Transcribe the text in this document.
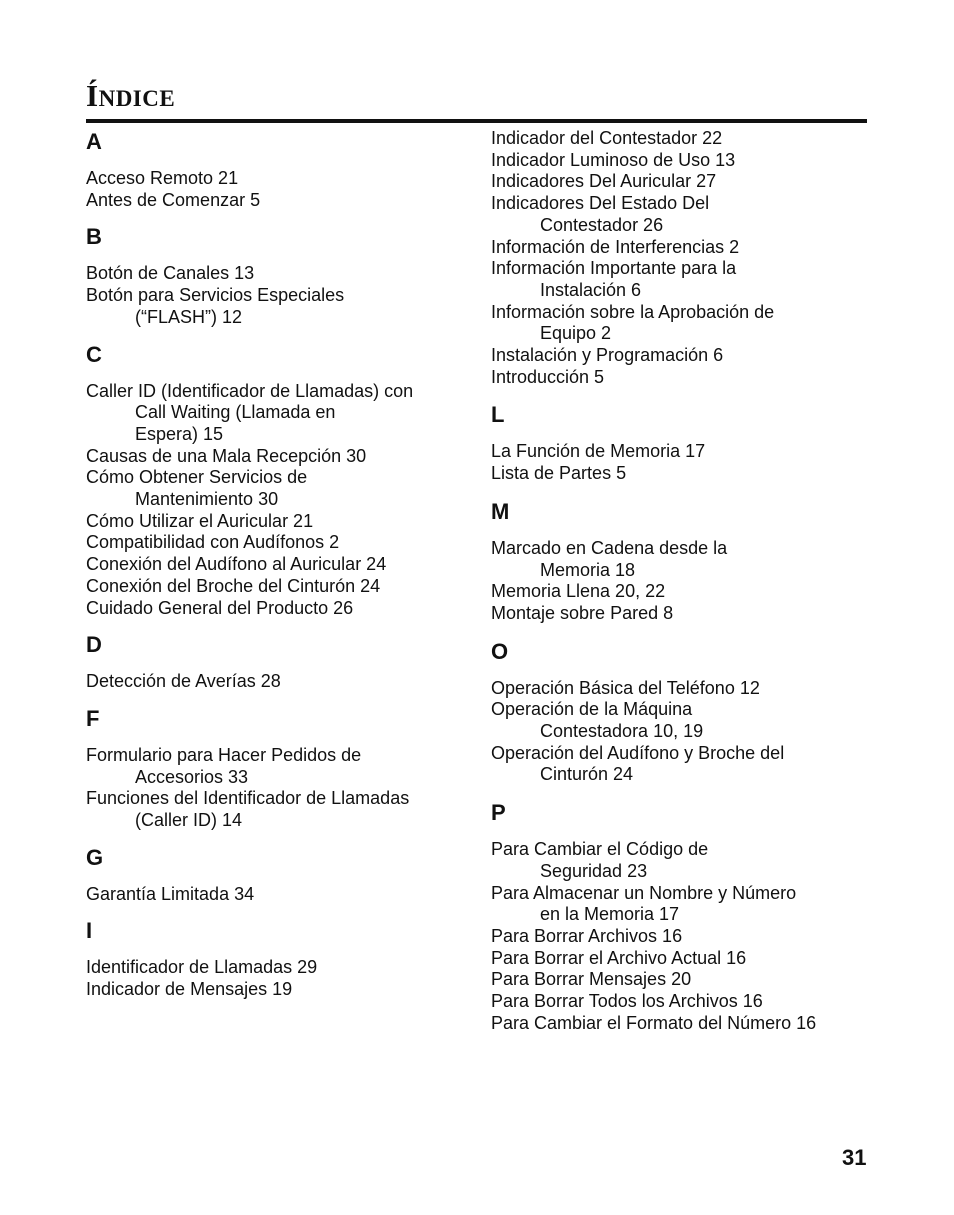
ÍNDICE
A
Acceso Remoto 21
Antes de Comenzar 5
B
Botón de Canales 13
Botón para Servicios Especiales
(“FLASH”) 12
C
Caller ID (Identificador de Llamadas) con
Call Waiting (Llamada en
Espera) 15
Causas de una Mala Recepción 30
Cómo Obtener Servicios de
Mantenimiento 30
Cómo Utilizar el Auricular 21
Compatibilidad con Audífonos 2
Conexión del Audífono al Auricular 24
Conexión del Broche del Cinturón 24
Cuidado General del Producto 26
D
Detección de Averías 28
F
Formulario para Hacer Pedidos de
Accesorios 33
Funciones del Identificador de Llamadas
(Caller ID) 14
G
Garantía Limitada 34
I
Identificador de Llamadas 29
Indicador de Mensajes 19
Indicador del Contestador 22
Indicador Luminoso de Uso 13
Indicadores Del Auricular 27
Indicadores Del Estado Del
Contestador 26
Información de Interferencias 2
Información Importante para la
Instalación 6
Información sobre la Aprobación de
Equipo 2
Instalación y Programación 6
Introducción 5
L
La Función de Memoria 17
Lista de Partes 5
M
Marcado en Cadena desde la
Memoria 18
Memoria Llena 20, 22
Montaje sobre Pared 8
O
Operación Básica del Teléfono 12
Operación de la Máquina
Contestadora 10, 19
Operación del Audífono y Broche del
Cinturón 24
P
Para Cambiar el Código de
Seguridad 23
Para Almacenar un Nombre y Número
en la Memoria 17
Para Borrar Archivos 16
Para Borrar el Archivo Actual 16
Para Borrar Mensajes 20
Para Borrar Todos los Archivos 16
Para Cambiar el Formato del Número 16
31
